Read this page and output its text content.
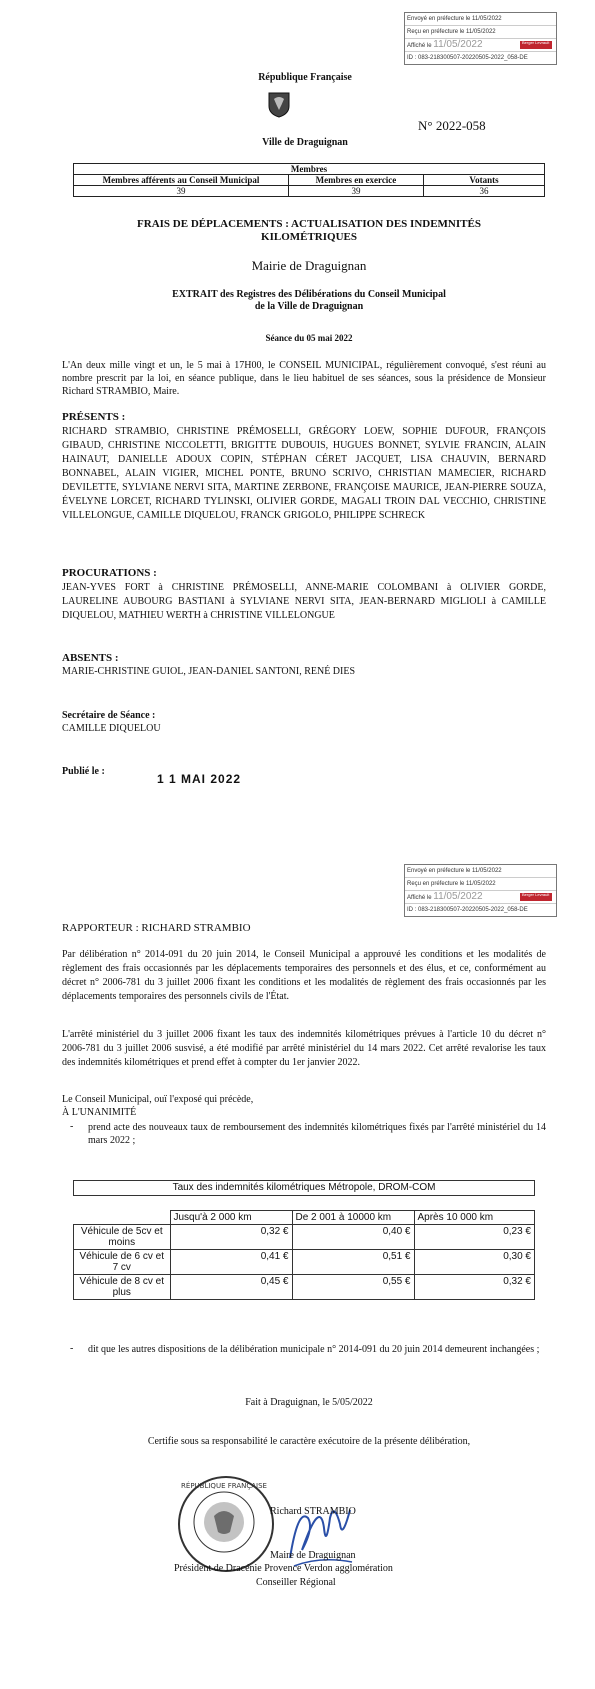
Envoyé en préfecture le 11/05/2022
Reçu en préfecture le 11/05/2022
Affiché le 11/05/2022	Berger Levrault
ID : 083-218300507-20220505-2022_058-DE
République Française
Ville de Draguignan
N° 2022-058
Membres		
Membres afférents au Conseil Municipal	Membres en exercice	Votants
39	39	36
FRAIS DE DÉPLACEMENTS : ACTUALISATION DES INDEMNITÉS
KILOMÉTRIQUES
Mairie de Draguignan
EXTRAIT des Registres des Délibérations du Conseil Municipal
de la Ville de Draguignan
Séance du 05 mai 2022
L'An deux mille vingt et un, le 5 mai à 17H00, le CONSEIL MUNICIPAL, régulièrement convoqué, s'est réuni au nombre prescrit par la loi, en séance publique, dans le lieu habituel de ses séances, sous la présidence de Monsieur Richard STRAMBIO, Maire.
PRÉSENTS :
RICHARD STRAMBIO, CHRISTINE PRÉMOSELLI, GRÉGORY LOEW, SOPHIE DUFOUR, FRANÇOIS GIBAUD, CHRISTINE NICCOLETTI, BRIGITTE DUBOUIS, HUGUES BONNET, SYLVIE FRANCIN, ALAIN HAINAUT, DANIELLE ADOUX COPIN, STÉPHAN CÉRET JACQUET, LISA CHAUVIN, BERNARD BONNABEL, ALAIN VIGIER, MICHEL PONTE, BRUNO SCRIVO, CHRISTIAN MAMECIER, RICHARD DEVILETTE, SYLVIANE NERVI SITA, MARTINE ZERBONE, FRANÇOISE MAURICE, JEAN-PIERRE SOUZA, ÉVELYNE LORCET, RICHARD TYLINSKI, OLIVIER GORDE, MAGALI TROIN DAL VECCHIO, CHRISTINE VILLELONGUE, CAMILLE DIQUELOU, FRANCK GRIGOLO, PHILIPPE SCHRECK
PROCURATIONS :
JEAN-YVES FORT à CHRISTINE PRÉMOSELLI, ANNE-MARIE COLOMBANI à OLIVIER GORDE, LAURELINE AUBOURG BASTIANI à SYLVIANE NERVI SITA, JEAN-BERNARD MIGLIOLI à CAMILLE DIQUELOU, MATHIEU WERTH à CHRISTINE VILLELONGUE
ABSENTS :
MARIE-CHRISTINE GUIOL, JEAN-DANIEL SANTONI, RENÉ DIES
Secrétaire de Séance :
CAMILLE DIQUELOU
Publié le :
1 1 MAI 2022
Envoyé en préfecture le 11/05/2022
Reçu en préfecture le 11/05/2022
Affiché le 11/05/2022	Berger Levrault
ID : 083-218300507-20220505-2022_058-DE
RAPPORTEUR : RICHARD STRAMBIO
Par délibération n° 2014-091 du 20 juin 2014, le Conseil Municipal a approuvé les conditions et les modalités de règlement des frais occasionnés par les déplacements temporaires des personnels et des élus, et ce, conformément au décret n° 2006-781 du 3 juillet 2006 fixant les conditions et les modalités de règlement des frais occasionnés par les déplacements temporaires des personnels civils de l'État.
L'arrêté ministériel du 3 juillet 2006 fixant les taux des indemnités kilométriques prévues à l'article 10 du décret n° 2006-781 du 3 juillet 2006 susvisé, a été modifié par arrêté ministériel du 14 mars 2022. Cet arrêté revalorise les taux des indemnités kilométriques et prend effet à compter du 1er janvier 2022.
Le Conseil Municipal, ouï l'exposé qui précède,
À L'UNANIMITÉ
- prend acte des nouveaux taux de remboursement des indemnités kilométriques fixés par l'arrêté ministériel du 14 mars 2022 ;
Taux des indemnités kilométriques Métropole, DROM-COM
	Jusqu'à 2 000 km	De 2 001 à 10000 km	Après 10 000 km
Véhicule de 5cv et moins	0,32 €	0,40 €	0,23 €
Véhicule de 6 cv et 7 cv	0,41 €	0,51 €	0,30 €
Véhicule de 8 cv et plus	0,45 €	0,55 €	0,32 €
- dit que les autres dispositions de la délibération municipale n° 2014-091 du 20 juin 2014 demeurent inchangées ;
Fait à Draguignan, le 5/05/2022
Certifie sous sa responsabilité le caractère exécutoire de la présente délibération,
RÉPUBLIQUE FRANÇAISE
Richard STRAMBIO
Maire de Draguignan
Président de Dracénie Provence Verdon agglomération
Conseiller Régional
